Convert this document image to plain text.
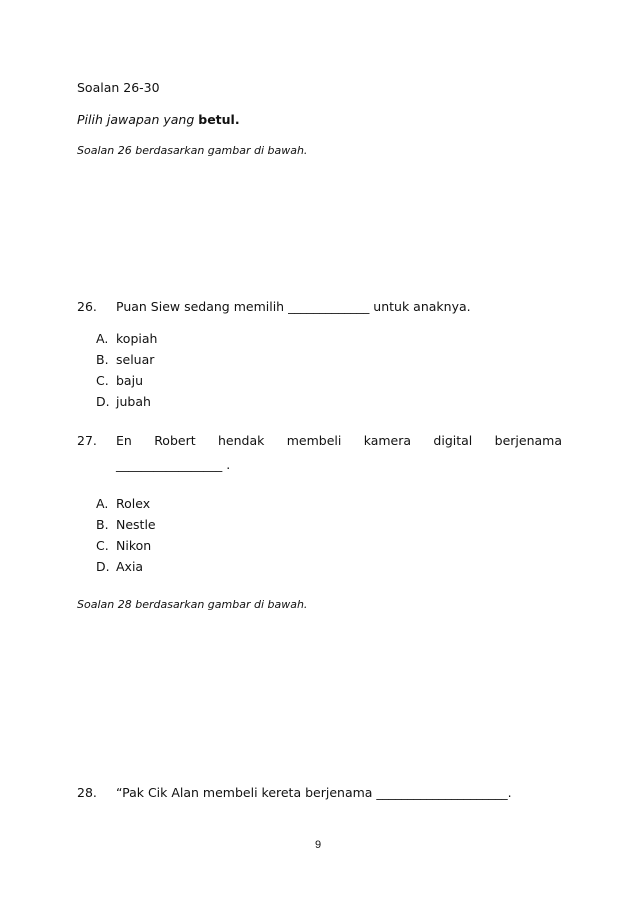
Soalan 26-30
Pilih jawapan yang betul.
Soalan 26 berdasarkan gambar di bawah.
26. Puan Siew sedang memilih _____________ untuk anaknya.
A. kopiah
B. seluar
C. baju
D. jubah
27. En Robert hendak membeli kamera digital berjenama
_________________ .
A. Rolex
B. Nestle
C. Nikon
D. Axia
Soalan 28 berdasarkan gambar di bawah.
28. “Pak Cik Alan membeli kereta berjenama _____________________.
9
